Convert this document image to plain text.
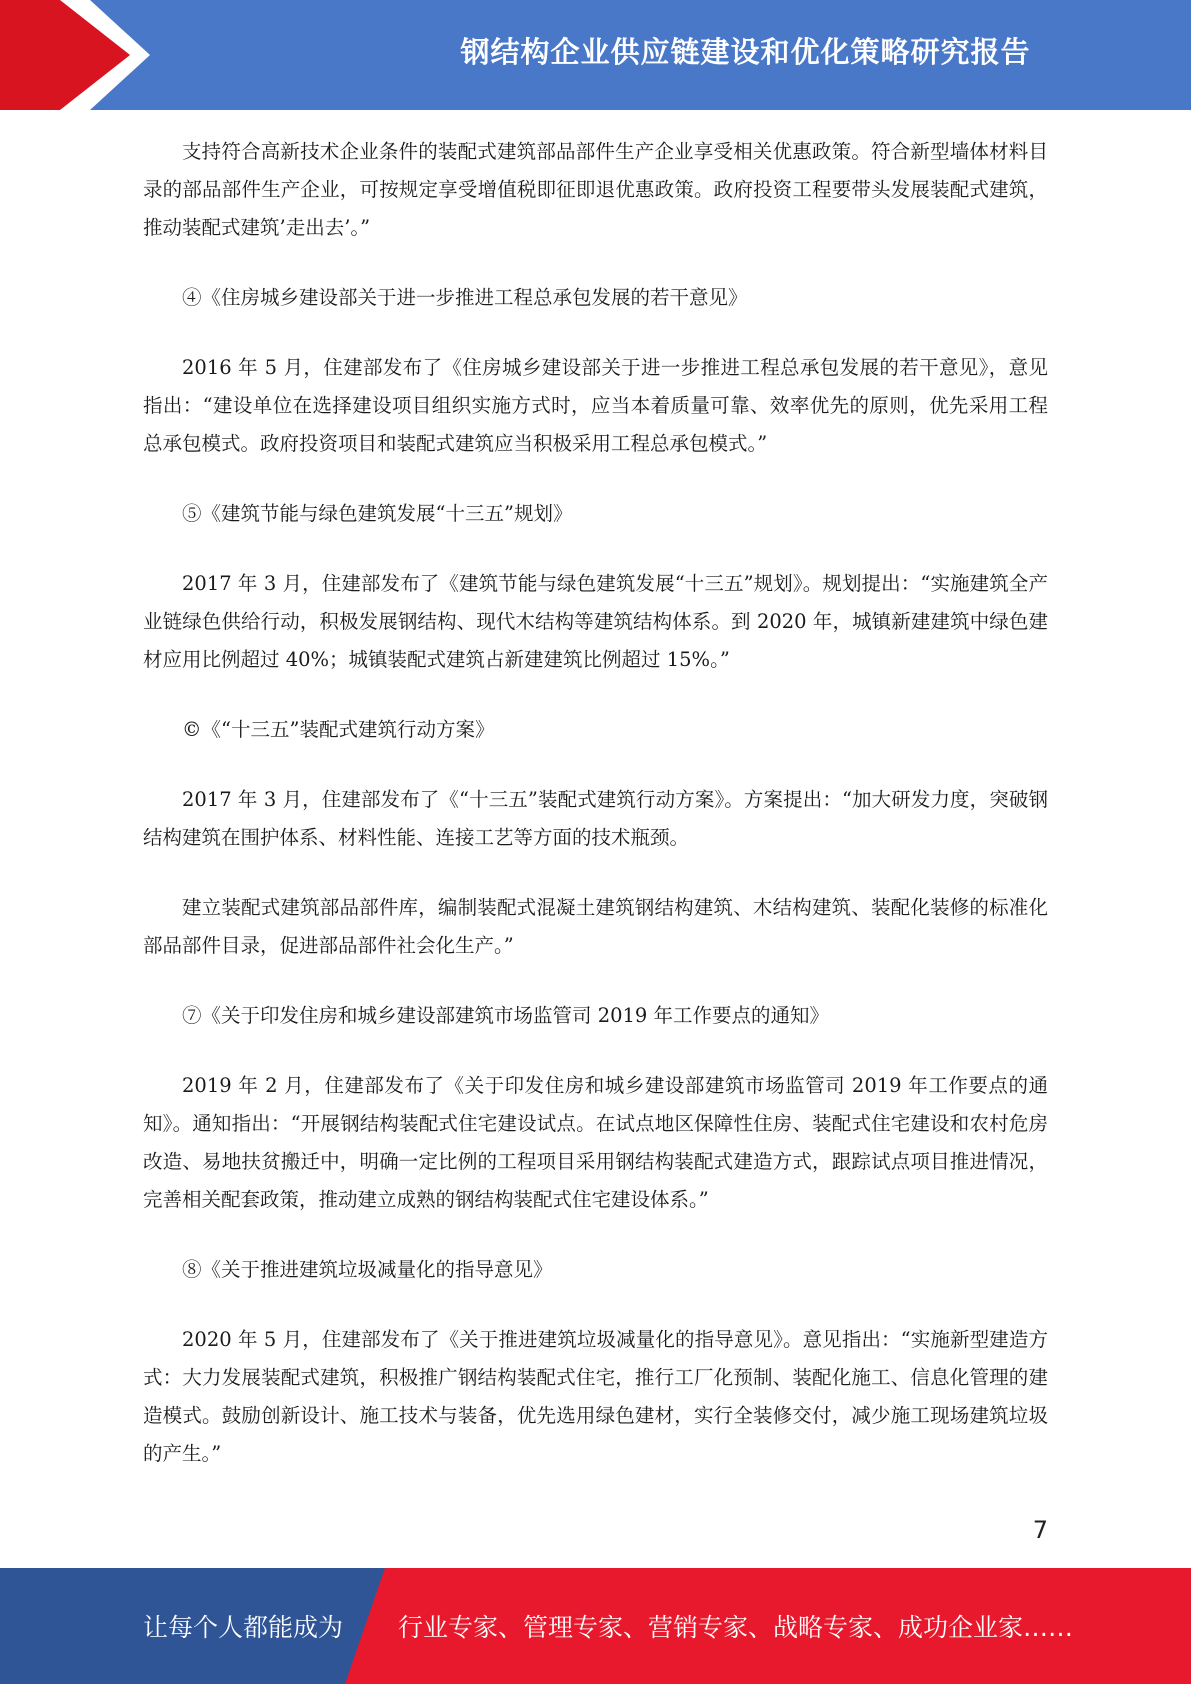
钢结构企业供应链建设和优化策略研究报告

支持符合高新技术企业条件的装配式建筑部品部件生产企业享受相关优惠政策。符合新型墙体材料目录的部品部件生产企业，可按规定享受增值税即征即退优惠政策。政府投资工程要带头发展装配式建筑，推动装配式建筑’走出去’。”

④《住房城乡建设部关于进一步推进工程总承包发展的若干意见》

2016 年 5 月，住建部发布了《住房城乡建设部关于进一步推进工程总承包发展的若干意见》，意见指出：“建设单位在选择建设项目组织实施方式时，应当本着质量可靠、效率优先的原则，优先采用工程总承包模式。政府投资项目和装配式建筑应当积极采用工程总承包模式。”

⑤《建筑节能与绿色建筑发展“十三五”规划》

2017 年 3 月，住建部发布了《建筑节能与绿色建筑发展“十三五”规划》。规划提出：“实施建筑全产业链绿色供给行动，积极发展钢结构、现代木结构等建筑结构体系。到 2020 年，城镇新建建筑中绿色建材应用比例超过 40%；城镇装配式建筑占新建建筑比例超过 15%。”

©《“十三五”装配式建筑行动方案》

2017 年 3 月，住建部发布了《“十三五”装配式建筑行动方案》。方案提出：“加大研发力度，突破钢结构建筑在围护体系、材料性能、连接工艺等方面的技术瓶颈。

建立装配式建筑部品部件库，编制装配式混凝土建筑钢结构建筑、木结构建筑、装配化装修的标准化部品部件目录，促进部品部件社会化生产。”

⑦《关于印发住房和城乡建设部建筑市场监管司 2019 年工作要点的通知》

2019 年 2 月，住建部发布了《关于印发住房和城乡建设部建筑市场监管司 2019 年工作要点的通知》。通知指出：“开展钢结构装配式住宅建设试点。在试点地区保障性住房、装配式住宅建设和农村危房改造、易地扶贫搬迁中，明确一定比例的工程项目采用钢结构装配式建造方式，跟踪试点项目推进情况，完善相关配套政策，推动建立成熟的钢结构装配式住宅建设体系。”

⑧《关于推进建筑垃圾减量化的指导意见》

2020 年 5 月，住建部发布了《关于推进建筑垃圾减量化的指导意见》。意见指出：“实施新型建造方式：大力发展装配式建筑，积极推广钢结构装配式住宅，推行工厂化预制、装配化施工、信息化管理的建造模式。鼓励创新设计、施工技术与装备，优先选用绿色建材，实行全装修交付，减少施工现场建筑垃圾的产生。”

7
让每个人都能成为 行业专家、管理专家、营销专家、战略专家、成功企业家……
